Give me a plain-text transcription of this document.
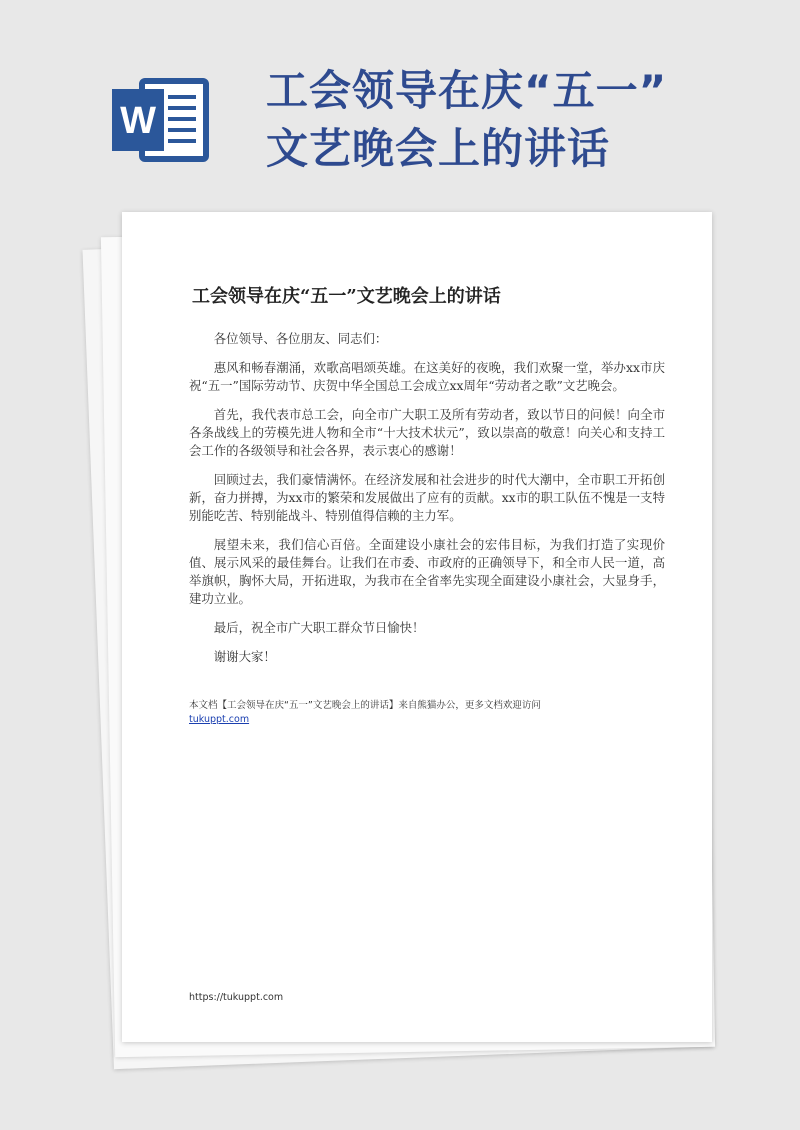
W
工会领导在庆“五一”
文艺晚会上的讲话
工会领导在庆“五一”文艺晚会上的讲话

各位领导、各位朋友、同志们：

惠风和畅春潮涌，欢歌高唱颂英雄。在这美好的夜晚，我们欢聚一堂，举办xx市庆祝“五一”国际劳动节、庆贺中华全国总工会成立xx周年“劳动者之歌”文艺晚会。

首先，我代表市总工会，向全市广大职工及所有劳动者，致以节日的问候！向全市各条战线上的劳模先进人物和全市“十大技术状元”，致以崇高的敬意！向关心和支持工会工作的各级领导和社会各界，表示衷心的感谢！

回顾过去，我们豪情满怀。在经济发展和社会进步的时代大潮中，全市职工开拓创新，奋力拼搏，为xx市的繁荣和发展做出了应有的贡献。xx市的职工队伍不愧是一支特别能吃苦、特别能战斗、特别值得信赖的主力军。

展望未来，我们信心百倍。全面建设小康社会的宏伟目标，为我们打造了实现价值、展示风采的最佳舞台。让我们在市委、市政府的正确领导下，和全市人民一道，高举旗帜，胸怀大局，开拓进取，为我市在全省率先实现全面建设小康社会，大显身手，建功立业。

最后，祝全市广大职工群众节日愉快！

谢谢大家！

本文档【工会领导在庆“五一”文艺晚会上的讲话】来自熊猫办公，更多文档欢迎访问
tukuppt.com
https://tukuppt.com
